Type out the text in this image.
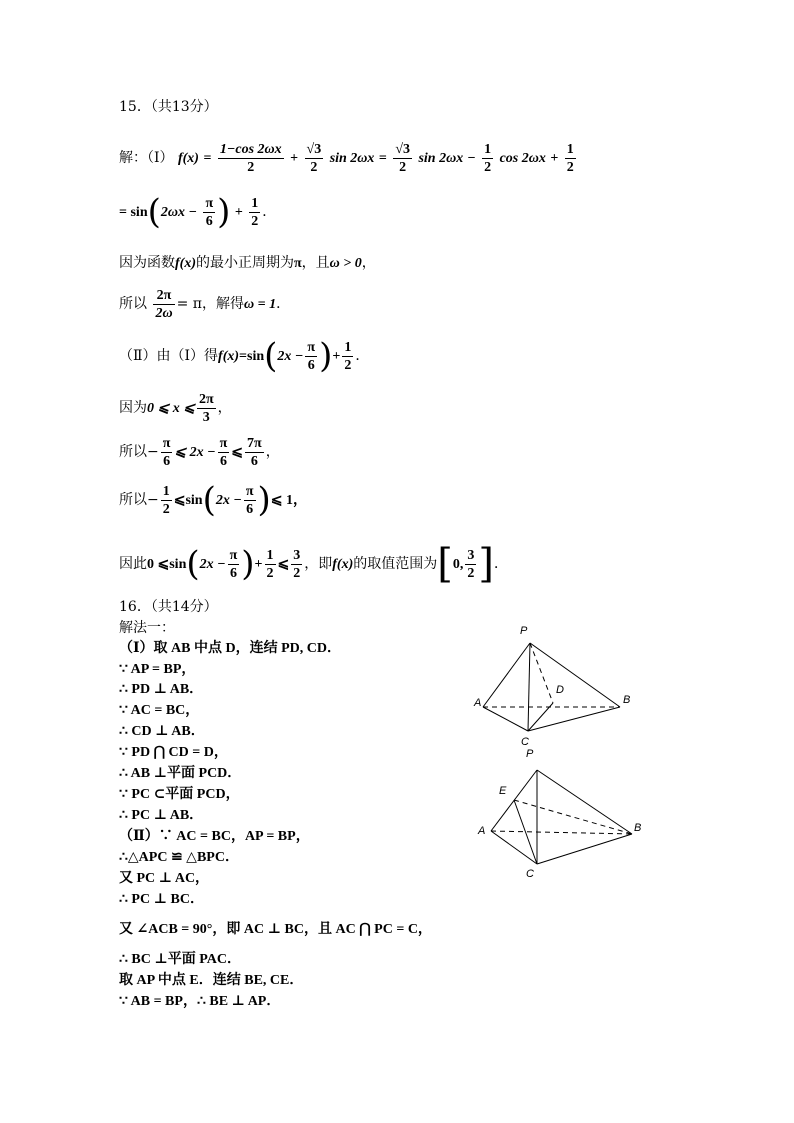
15．（共13分）
解：（Ⅰ） $f(x) = \frac{1-\cos 2\omega x}{2} + \frac{√3}{2}$ $\sin 2\omega x = \frac{√3}{2}$ $\sin 2\omega x - \frac{1}{2}$ $\cos 2\omega x + \frac{1}{2}$
= $\sin(2\omega x - \frac{\pi}{6}$ ) + $\frac{1}{2}$ ．
因为函数f(x)的最小正周期为π，且ω > 0，
所以 $\frac{2\pi}{2\omega} = \pi$，解得ω = 1．
（Ⅱ）由（Ⅰ）得$f(x)=\sin(2x - \frac{\pi}{6}$ )+ $\frac{1}{2}$ ．
因为0 ⩽ x ⩽ $\frac{2\pi}{3}$ ，
所以− $\frac{\pi}{6}$ ⩽ $2x - \frac{\pi}{6}$ ⩽ $\frac{7\pi}{6}$ ，
所以− $\frac{1}{2}$ ⩽sin(2x − $\frac{\pi}{6}$ )⩽ 1，
因此0 ⩽sin(2x − $\frac{\pi}{6}$ )+ $\frac{1}{2}$ ⩽ $\frac{3}{2}$ ，即f(x)的取值范围为[0, $\frac{3}{2}$ ]．
16．（共14分）
解法一：
（Ⅰ）取 AB 中点 D，连结 PD, CD．
∵ AP = BP，
∴ PD ⊥ AB．
∵ AC = BC，
∴ CD ⊥ AB．
∵ PD ⋂ CD = D，
∴ AB ⊥平面 PCD．
∵ PC ⊂平面 PCD，
∴ PC ⊥ AB．
（Ⅱ）∵ AC = BC，AP = BP，
∴△APC ≌ △BPC．
又 PC ⊥ AC，
∴ PC ⊥ BC．
又 ∠ACB = 90°，即 AC ⊥ BC，且 AC ⋂ PC = C，
∴ BC ⊥平面 PAC．
取 AP 中点 E．连结 BE, CE．
∵ AB = BP，∴ BE ⊥ AP．
P
A	B
C
D
P
E
A	B
C
